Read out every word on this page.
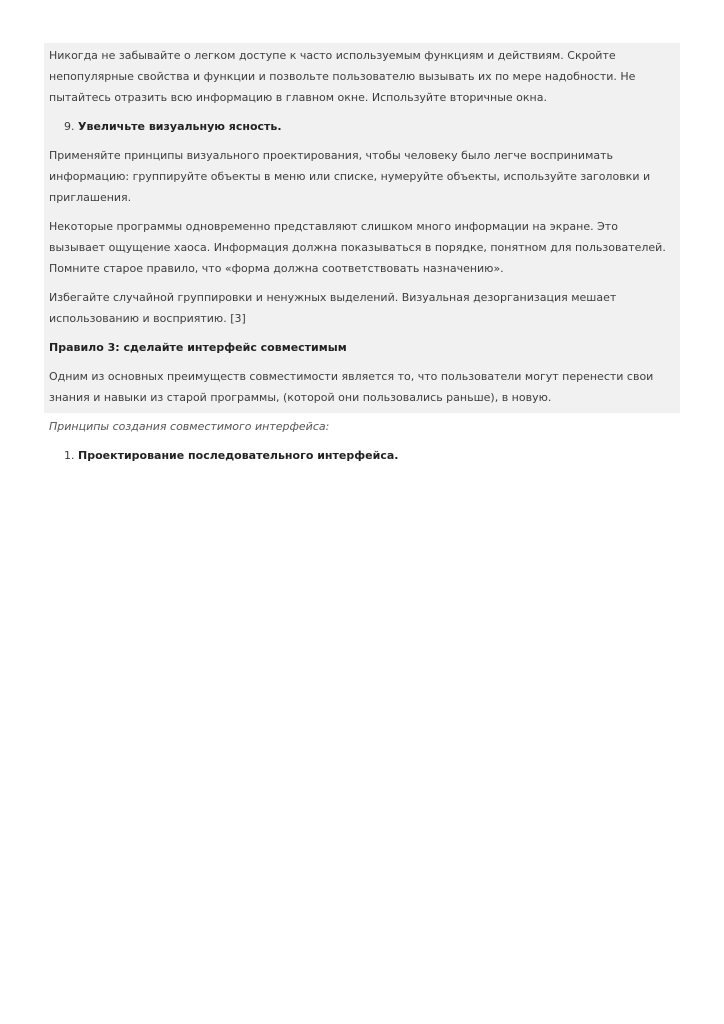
Никогда не забывайте о легком доступе к часто используемым функциям и действиям. Скройте непопулярные свойства и функции и позвольте пользователю вызывать их по мере надобности. Не пытайтесь отразить всю информацию в главном окне. Используйте вторичные окна.

9. Увеличьте визуальную ясность.

Применяйте принципы визуального проектирования, чтобы человеку было легче воспринимать информацию: группируйте объекты в меню или списке, нумеруйте объекты, используйте заголовки и приглашения.

Некоторые программы одновременно представляют слишком много информации на экране. Это вызывает ощущение хаоса. Информация должна показываться в порядке, понятном для пользователей. Помните старое правило, что «форма должна соответствовать назначению».

Избегайте случайной группировки и ненужных выделений. Визуальная дезорганизация мешает использованию и восприятию. [3]

Правило 3: сделайте интерфейс совместимым

Одним из основных преимуществ совместимости является то, что пользователи могут перенести свои знания и навыки из старой программы, (которой они пользовались раньше), в новую.

Принципы создания совместимого интерфейса:

1. Проектирование последовательного интерфейса.
